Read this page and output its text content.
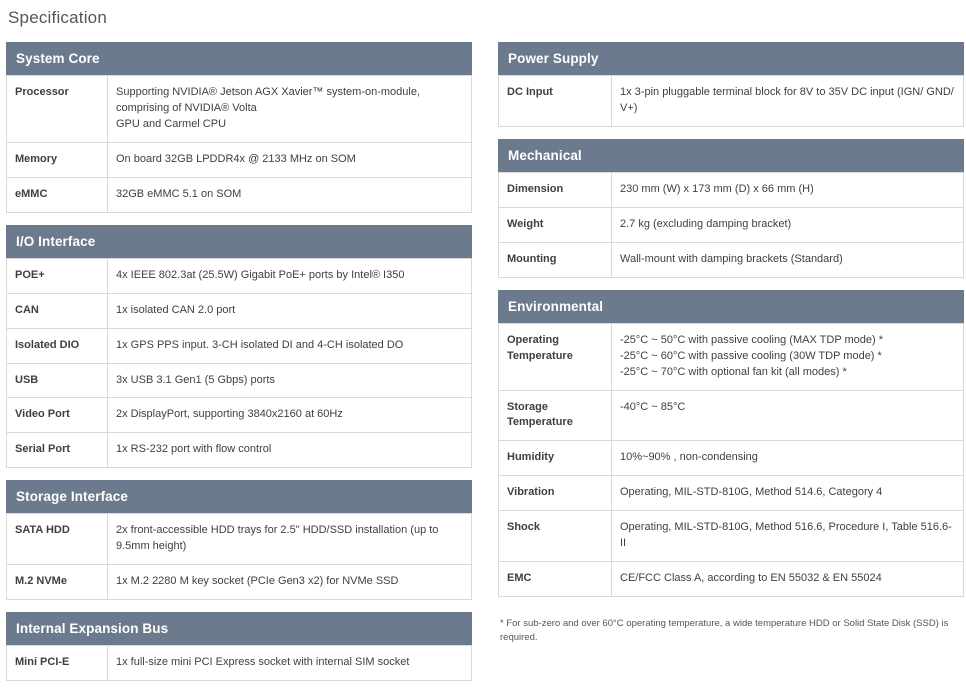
Specification
System Core
Processor	Supporting NVIDIA® Jetson AGX Xavier™ system-on-module, comprising of NVIDIA® Volta
GPU and Carmel CPU

Memory	On board 32GB LPDDR4x @ 2133 MHz on SOM
eMMC	32GB eMMC 5.1 on SOM
I/O Interface
POE+	4x IEEE 802.3at (25.5W) Gigabit PoE+ ports by Intel® I350
CAN	1x isolated CAN 2.0 port
Isolated DIO	1x GPS PPS input. 3-CH isolated DI and 4-CH isolated DO
USB	3x USB 3.1 Gen1 (5 Gbps) ports
Video Port	2x DisplayPort, supporting 3840x2160 at 60Hz
Serial Port	1x RS-232 port with flow control
Storage Interface
SATA HDD	2x front-accessible HDD trays for 2.5" HDD/SSD installation (up to 9.5mm height)
M.2 NVMe	1x M.2 2280 M key socket (PCIe Gen3 x2) for NVMe SSD
Internal Expansion Bus
Mini PCI-E	1x full-size mini PCI Express socket with internal SIM socket
Power Supply
DC Input	1x 3-pin pluggable terminal block for 8V to 35V DC input (IGN/ GND/ V+)
Mechanical
Dimension	230 mm (W) x 173 mm (D) x 66 mm (H)
Weight	2.7 kg (excluding damping bracket)
Mounting	Wall-mount with damping brackets (Standard)
Environmental
Operating Temperature	-25°C ~ 50°C with passive cooling (MAX TDP mode) *
-25°C ~ 60°C with passive cooling (30W TDP mode) *
-25°C ~ 70°C with optional fan kit (all modes) *

Storage Temperature	-40°C ~ 85°C
Humidity	10%~90% , non-condensing
Vibration	Operating, MIL-STD-810G, Method 514.6, Category 4
Shock	Operating, MIL-STD-810G, Method 516.6, Procedure I, Table 516.6-II
EMC	CE/FCC Class A, according to EN 55032 & EN 55024
* For sub-zero and over 60°C operating temperature, a wide temperature HDD or Solid State Disk (SSD) is required.
